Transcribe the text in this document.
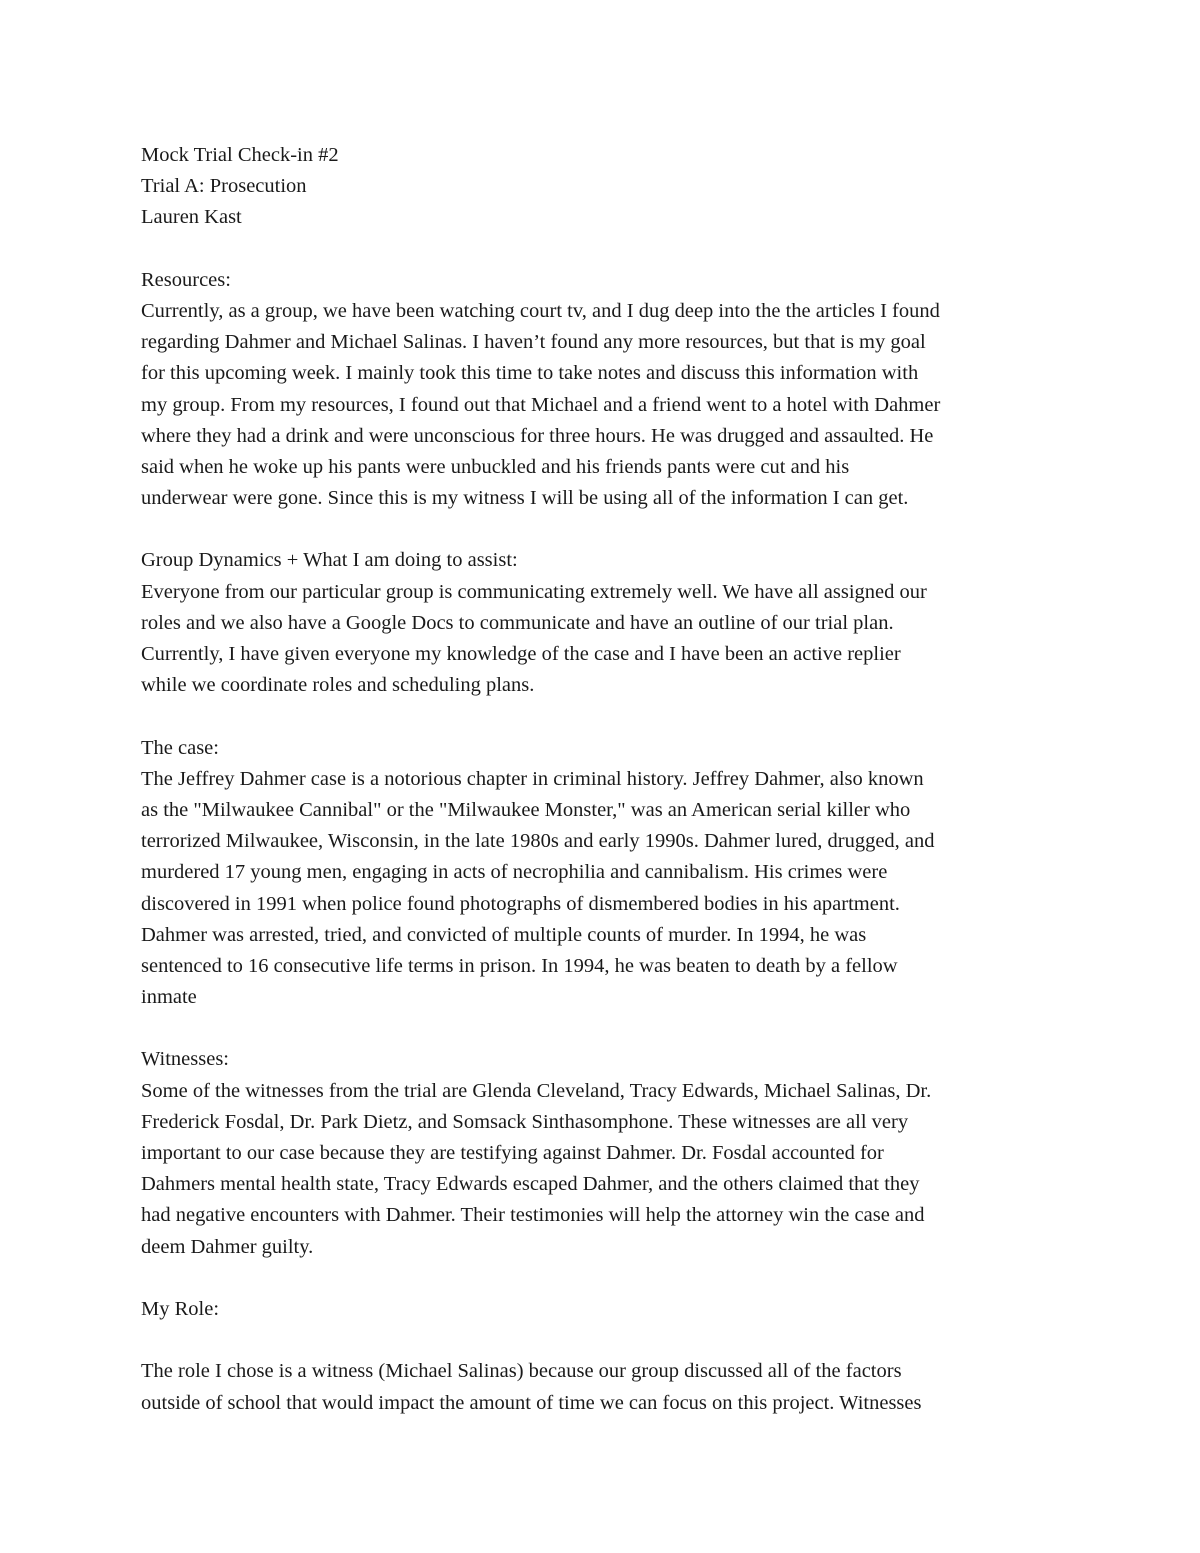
Mock Trial Check-in #2
Trial A: Prosecution
Lauren Kast
Resources:
Currently, as a group, we have been watching court tv, and I dug deep into the the articles I found
regarding Dahmer and Michael Salinas. I haven’t found any more resources, but that is my goal
for this upcoming week. I mainly took this time to take notes and discuss this information with
my group. From my resources, I found out that Michael and a friend went to a hotel with Dahmer
where they had a drink and were unconscious for three hours. He was drugged and assaulted. He
said when he woke up his pants were unbuckled and his friends pants were cut and his
underwear were gone. Since this is my witness I will be using all of the information I can get.
Group Dynamics + What I am doing to assist:
Everyone from our particular group is communicating extremely well. We have all assigned our
roles and we also have a Google Docs to communicate and have an outline of our trial plan.
Currently, I have given everyone my knowledge of the case and I have been an active replier
while we coordinate roles and scheduling plans.
The case:
The Jeffrey Dahmer case is a notorious chapter in criminal history. Jeffrey Dahmer, also known
as the "Milwaukee Cannibal" or the "Milwaukee Monster," was an American serial killer who
terrorized Milwaukee, Wisconsin, in the late 1980s and early 1990s. Dahmer lured, drugged, and
murdered 17 young men, engaging in acts of necrophilia and cannibalism. His crimes were
discovered in 1991 when police found photographs of dismembered bodies in his apartment.
Dahmer was arrested, tried, and convicted of multiple counts of murder. In 1994, he was
sentenced to 16 consecutive life terms in prison. In 1994, he was beaten to death by a fellow
inmate
Witnesses:
Some of the witnesses from the trial are Glenda Cleveland, Tracy Edwards, Michael Salinas, Dr.
Frederick Fosdal, Dr. Park Dietz, and Somsack Sinthasomphone. These witnesses are all very
important to our case because they are testifying against Dahmer. Dr. Fosdal accounted for
Dahmers mental health state, Tracy Edwards escaped Dahmer, and the others claimed that they
had negative encounters with Dahmer. Their testimonies will help the attorney win the case and
deem Dahmer guilty.
My Role:
The role I chose is a witness (Michael Salinas) because our group discussed all of the factors
outside of school that would impact the amount of time we can focus on this project. Witnesses
